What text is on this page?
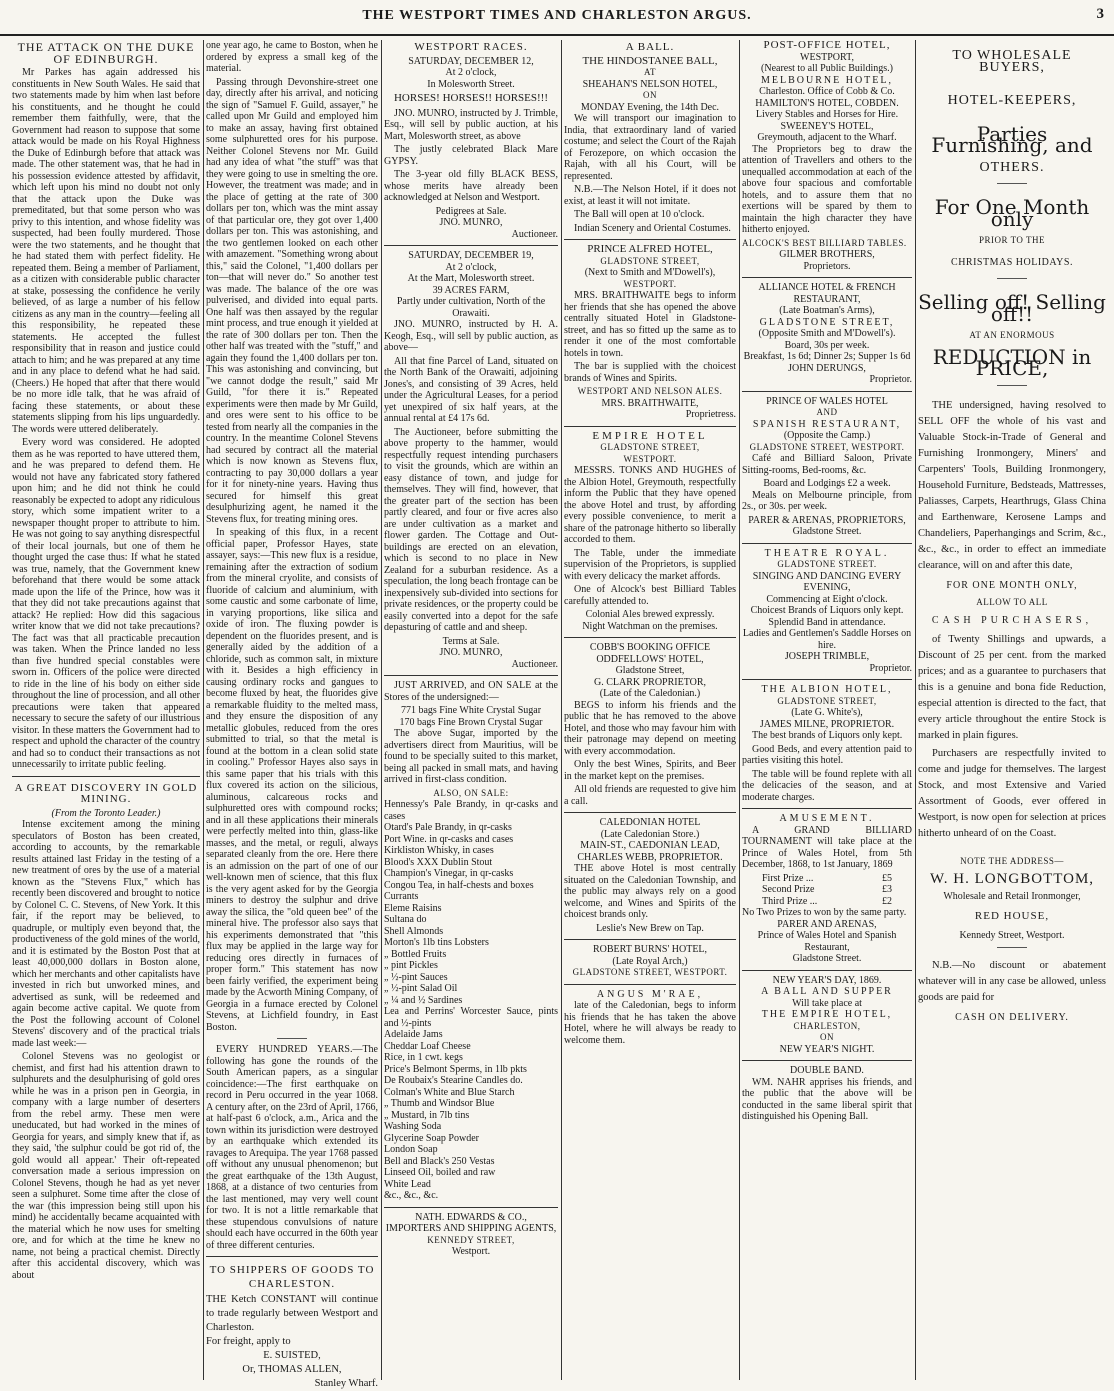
THE WESTPORT TIMES AND CHARLESTON ARGUS.	3
THE ATTACK ON THE DUKE OF EDINBURGH.

Mr Parkes has again addressed his constituents in New South Wales. He said that two statements made by him when last before his constituents, and he thought he could remember them faithfully, were, that the Government had reason to suppose that some attack would be made on his Royal Highness the Duke of Edinburgh before that attack was made. The other statement was, that he had in his possession evidence attested by affidavit, which left upon his mind no doubt not only that the attack upon the Duke was premeditated, but that some person who was privy to this intention, and whose fidelity was suspected, had been foully murdered. Those were the two statements, and he thought that he had stated them with perfect fidelity. He repeated them. Being a member of Parliament, as a citizen with considerable public character at stake, possessing the confidence he verily believed, of as large a number of his fellow citizens as any man in the country—feeling all this responsibility, he repeated these statements. He accepted the fullest responsibility that in reason and justice could attach to him; and he was prepared at any time and in any place to defend what he had said. (Cheers.) He hoped that after that there would be no more idle talk, that he was afraid of facing these statements, or about these statements slipping from his lips unguardedly. The words were uttered deliberately.

Every word was considered. He adopted them as he was reported to have uttered them, and he was prepared to defend them. He would not have any fabricated story fathered upon him; and he did not think he could reasonably be expected to adopt any ridiculous story, which some impatient writer to a newspaper thought proper to attribute to him. He was not going to say anything disrespectful of their local journals, but one of them he thought urged the case thus: If what he stated was true, namely, that the Government knew beforehand that there would be some attack made upon the life of the Prince, how was it that they did not take precautions against that attack? He replied: How did this sagacious writer know that we did not take precautions? The fact was that all practicable precaution was taken. When the Prince landed no less than five hundred special constables were sworn in. Officers of the police were directed to ride in the line of his body on either side throughout the line of procession, and all other precautions were taken that appeared necessary to secure the safety of our illustrious visitor. In these matters the Government had to respect and uphold the character of the country and had so to conduct their transactions as not unnecessarily to irritate public feeling.

A GREAT DISCOVERY IN GOLD MINING.
(From the Toronto Leader.)

Intense excitement among the mining speculators of Boston has been created, according to accounts, by the remarkable results attained last Friday in the testing of a new treatment of ores by the use of a material known as the "Stevens Flux," which has recently been discovered and brought to notice by Colonel C. C. Stevens, of New York. It this fair, if the report may be believed, to quadruple, or multiply even beyond that, the productiveness of the gold mines of the world, and it is estimated by the Boston Post that at least 40,000,000 dollars in Boston alone, which her merchants and other capitalists have invested in rich but unworked mines, and advertised as sunk, will be redeemed and again become active capital. We quote from the Post the following account of Colonel Stevens' discovery and of the practical trials made last week:—

Colonel Stevens was no geologist or chemist, and first had his attention drawn to sulphurets and the desulphurising of gold ores while he was in a prison pen in Georgia, in company with a large number of deserters from the rebel army. These men were uneducated, but had worked in the mines of Georgia for years, and simply knew that if, as they said, 'the sulphur could be got rid of, the gold would all appear.' Their oft-repeated conversation made a serious impression on Colonel Stevens, though he had as yet never seen a sulphuret. Some time after the close of the war (this impression being still upon his mind) he accidentally became acquainted with the material which he now uses for smelting ore, and for which at the time he knew no name, not being a practical chemist. Directly after this accidental discovery, which was about

one year ago, he came to Boston, when he ordered by express a small keg of the material.

Passing through Devonshire-street one day, directly after his arrival, and noticing the sign of "Samuel F. Guild, assayer," he called upon Mr Guild and employed him to make an assay, having first obtained some sulphuretted ores for his purpose. Neither Colonel Stevens nor Mr. Guild had any idea of what "the stuff" was that they were going to use in smelting the ore. However, the treatment was made; and in the place of getting at the rate of 300 dollars per ton, which was the mint assay of that particular ore, they got over 1,400 dollars per ton. This was astonishing, and the two gentlemen looked on each other with amazement. "Something wrong about this," said the Colonel, "1,400 dollars per ton—that will never do." So another test was made. The balance of the ore was pulverised, and divided into equal parts. One half was then assayed by the regular mint process, and true enough it yielded at the rate of 300 dollars per ton. Then the other half was treated with the "stuff," and again they found the 1,400 dollars per ton. This was astonishing and convincing, but "we cannot dodge the result," said Mr Guild, "for there it is." Repeated experiments were then made by Mr Guild, and ores were sent to his office to be tested from nearly all the companies in the country. In the meantime Colonel Stevens had secured by contract all the material which is now known as Stevens flux, contracting to pay 30,000 dollars a year for it for ninety-nine years. Having thus secured for himself this great desulphurizing agent, he named it the Stevens flux, for treating mining ores.

In speaking of this flux, in a recent official paper, Professor Hayes, state assayer, says:—This new flux is a residue, remaining after the extraction of sodium from the mineral cryolite, and consists of fluoride of calcium and aluminium, with some caustic and some carbonate of lime, in varying proportions, like silica and oxide of iron. The fluxing powder is dependent on the fluorides present, and is generally aided by the addition of a chloride, such as common salt, in mixture with it. Besides a high efficiency in causing ordinary rocks and gangues to become fluxed by heat, the fluorides give a remarkable fluidity to the melted mass, and they ensure the disposition of any metallic globules, reduced from the ores submitted to trial, so that the metal is found at the bottom in a clean solid state in cooling." Professor Hayes also says in this same paper that his trials with this flux covered its action on the silicious, aluminous, calcareous rocks and sulphuretted ores with compound rocks; and in all these applications their minerals were perfectly melted into thin, glass-like masses, and the metal, or reguli, always separated cleanly from the ore. Here there is an admission on the part of one of our well-known men of science, that this flux is the very agent asked for by the Georgia miners to destroy the sulphur and drive away the silica, the "old queen bee" of the mineral hive. The professor also says that his experiments demonstrated that "this flux may be applied in the large way for reducing ores directly in furnaces of proper form." This statement has now been fairly verified, the experiment being made by the Acworth Mining Company, of Georgia in a furnace erected by Colonel Stevens, at Lichfield foundry, in East Boston.

EVERY HUNDRED YEARS.—The following has gone the rounds of the South American papers, as a singular coincidence:—The first earthquake on record in Peru occurred in the year 1068. A century after, on the 23rd of April, 1766, at half-past 6 o'clock, a.m., Arica and the town within its jurisdiction were destroyed by an earthquake which extended its ravages to Arequipa. The year 1768 passed off without any unusual phenomenon; but the great earthquake of the 13th August, 1868, at a distance of two centuries from the last mentioned, may very well count for two. It is not a little remarkable that these stupendous convulsions of nature should each have occurred in the 60th year of three different centuries.

TO SHIPPERS OF GOODS TO CHARLESTON.
THE Ketch CONSTANT will continue to trade regularly between Westport and Charleston.
For freight, apply to
E. SUISTED,
Or, THOMAS ALLEN,
Stanley Wharf.
WESTPORT RACES.
SATURDAY, DECEMBER 12,
At 2 o'clock,
In Molesworth Street.
HORSES! HORSES!! HORSES!!!

JNO. MUNRO, instructed by J. Trimble, Esq., will sell by public auction, at his Mart, Molesworth street, as above

The justly celebrated Black Mare GYPSY.

The 3-year old filly BLACK BESS, whose merits have already been acknowledged at Nelson and Westport.

Pedigrees at Sale.
JNO. MUNRO,
Auctioneer.
SATURDAY, DECEMBER 19,
At 2 o'clock,
At the Mart, Molesworth street.
39 ACRES FARM,
Partly under cultivation, North of the Orawaiti.

JNO. MUNRO, instructed by H. A. Keogh, Esq., will sell by public auction, as above—

All that fine Parcel of Land, situated on the North Bank of the Orawaiti, adjoining Jones's, and consisting of 39 Acres, held under the Agricultural Leases, for a period yet unexpired of six half years, at the annual rental at £4 17s 6d.

The Auctioneer, before submitting the above property to the hammer, would respectfully request intending purchasers to visit the grounds, which are within an easy distance of town, and judge for themselves. They will find, however, that the greater part of the section has been partly cleared, and four or five acres also are under cultivation as a market and flower garden. The Cottage and Out-buildings are erected on an elevation, which is second to no place in New Zealand for a suburban residence. As a speculation, the long beach frontage can be inexpensively sub-divided into sections for private residences, or the property could be easily converted into a depot for the safe depasturing of cattle and and sheep.

Terms at Sale.
JNO. MUNRO,
Auctioneer.

JUST ARRIVED, and ON SALE at the Stores of the undersigned:—

771 bags Fine White Crystal Sugar
170 bags Fine Brown Crystal Sugar

The above Sugar, imported by the advertisers direct from Mauritius, will be found to be specially suited to this market, being all packed in small mats, and having arrived in first-class condition.

ALSO, ON SALE:
Hennessy's Pale Brandy, in qr-casks and cases
Otard's Pale Brandy, in qr-casks
Port Wine. in qr-casks and cases
Kirkliston Whisky, in cases
Blood's XXX Dublin Stout
Champion's Vinegar, in qr-casks
Congou Tea, in half-chests and boxes
Currants
Eleme Raisins
Sultana do
Shell Almonds
Morton's 1lb tins Lobsters
„ Bottled Fruits
„ pint Pickles
„ ½-pint Sauces
„ ½-pint Salad Oil
„ ¼ and ½ Sardines
Lea and Perrins' Worcester Sauce, pints and ½-pints
Adelaide Jams
Cheddar Loaf Cheese
Rice, in 1 cwt. kegs
Price's Belmont Sperms, in 1lb pkts
De Roubaix's Stearine Candles do.
Colman's White and Blue Starch
„ Thumb and Windsor Blue
„ Mustard, in 7lb tins
Washing Soda
Glycerine Soap Powder
London Soap
Bell and Black's 250 Vestas
Linseed Oil, boiled and raw
White Lead
&c., &c., &c.
NATH. EDWARDS & CO.,
IMPORTERS AND SHIPPING AGENTS,
KENNEDY STREET,
Westport.
A BALL.
THE HINDOSTANEE BALL,
AT
SHEAHAN'S NELSON HOTEL,
ON
MONDAY Evening, the 14th Dec.

We will transport our imagination to India, that extraordinary land of varied costume; and select the Court of the Rajah of Ferozepore, on which occasion the Rajah, with all his Court, will be represented.

N.B.—The Nelson Hotel, if it does not exist, at least it will not imitate.

The Ball will open at 10 o'clock.

Indian Scenery and Oriental Costumes.

PRINCE ALFRED HOTEL,
GLADSTONE STREET,
(Next to Smith and M'Dowell's),
WESTPORT.

MRS. BRAITHWAITE begs to inform her friends that she has opened the above centrally situated Hotel in Gladstone-street, and has so fitted up the same as to render it one of the most comfortable hotels in town.

The bar is supplied with the choicest brands of Wines and Spirits.

WESTPORT AND NELSON ALES.
MRS. BRAITHWAITE,
Proprietress.
EMPIRE HOTEL
GLADSTONE STREET,
WESTPORT.

MESSRS. TONKS AND HUGHES of the Albion Hotel, Greymouth, respectfully inform the Public that they have opened the above Hotel and trust, by affording every possible convenience, to merit a share of the patronage hitherto so liberally accorded to them.

The Table, under the immediate supervision of the Proprietors, is supplied with every delicacy the market affords.

One of Alcock's best Billiard Tables carefully attended to.

Colonial Ales brewed expressly.
Night Watchman on the premises.
COBB'S BOOKING OFFICE
ODDFELLOWS' HOTEL,
Gladstone Street,
G. CLARK PROPRIETOR,
(Late of the Caledonian.)

BEGS to inform his friends and the public that he has removed to the above Hotel, and those who may favour him with their patronage may depend on meeting with every accommodation.

Only the best Wines, Spirits, and Beer in the market kept on the premises.

All old friends are requested to give him a call.

CALEDONIAN HOTEL
(Late Caledonian Store.)
MAIN-ST., CAEDONIAN LEAD,
CHARLES WEBB, PROPRIETOR.

THE above Hotel is most centrally situated on the Caledonian Township, and the public may always rely on a good welcome, and Wines and Spirits of the choicest brands only.

Leslie's New Brew on Tap.
ROBERT BURNS' HOTEL,
(Late Royal Arch,)
GLADSTONE STREET, WESTPORT.
ANGUS M'RAE,

late of the Caledonian, begs to inform his friends that he has taken the above Hotel, where he will always be ready to welcome them.

POST-OFFICE HOTEL,
WESTPORT,
(Nearest to all Public Buildings.)
MELBOURNE HOTEL,
Charleston. Office of Cobb & Co.
HAMILTON'S HOTEL, COBDEN.
Livery Stables and Horses for Hire.
SWEENEY'S HOTEL,
Greymouth, adjacent to the Wharf.

The Proprietors beg to draw the attention of Travellers and others to the unequalled accommodation at each of the above four spacious and comfortable hotels, and to assure them that no exertions will be spared by them to maintain the high character they have hitherto enjoyed.

ALCOCK'S BEST BILLIARD TABLES.
GILMER BROTHERS,
Proprietors.
ALLIANCE HOTEL & FRENCH RESTAURANT,
(Late Boatman's Arms),
GLADSTONE STREET,
(Opposite Smith and M'Dowell's).
Board, 30s per week.
Breakfast, 1s 6d; Dinner 2s; Supper 1s 6d
JOHN DERUNGS,
Proprietor.
PRINCE OF WALES HOTEL
AND
SPANISH RESTAURANT,
(Opposite the Camp.)
GLADSTONE STREET, WESTPORT.

Café and Billiard Saloon, Private Sitting-rooms, Bed-rooms, &c.

Board and Lodgings £2 a week.

Meals on Melbourne principle, from 2s., or 30s. per week.

PARER & ARENAS, PROPRIETORS,
Gladstone Street.
THEATRE ROYAL.
GLADSTONE STREET.
SINGING AND DANCING EVERY EVENING,
Commencing at Eight o'clock.
Choicest Brands of Liquors only kept. Splendid Band in attendance.
Ladies and Gentlemen's Saddle Horses on hire.
JOSEPH TRIMBLE,
Proprietor.
THE ALBION HOTEL,
GLADSTONE STREET,
(Late G. White's),
JAMES MILNE, PROPRIETOR.

The best brands of Liquors only kept.

Good Beds, and every attention paid to parties visiting this hotel.

The table will be found replete with all the delicacies of the season, and at moderate charges.

AMUSEMENT.

A GRAND BILLIARD TOURNAMENT will take place at the Prince of Wales Hotel, from 5th December, 1868, to 1st January, 1869

First Prize ...	£5
Second Prize	£3
Third Prize ...	£2
No Two Prizes to won by the same party.
PARER AND ARENAS,
Prince of Wales Hotel and Spanish Restaurant,
Gladstone Street.
NEW YEAR'S DAY, 1869.
A BALL AND SUPPER
Will take place at
THE EMPIRE HOTEL,
CHARLESTON,
ON
NEW YEAR'S NIGHT.
DOUBLE BAND.

WM. NAHR apprises his friends, and the public that the above will be conducted in the same liberal spirit that distinguished his Opening Ball.

TO WHOLESALE BUYERS,
HOTEL-KEEPERS,
Parties Furnishing, and
OTHERS.
For One Month only
PRIOR TO THE
CHRISTMAS HOLIDAYS.
Selling off! Selling off!!
AT AN ENORMOUS
REDUCTION in PRICE,

THE undersigned, having resolved to SELL OFF the whole of his vast and Valuable Stock-in-Trade of General and Furnishing Ironmongery, Miners' and Carpenters' Tools, Building Ironmongery, Household Furniture, Bedsteads, Mattresses, Paliasses, Carpets, Hearthrugs, Glass China and Earthenware, Kerosene Lamps and Chandeliers, Paperhangings and Scrim, &c., &c., &c., in order to effect an immediate clearance, will on and after this date,

FOR ONE MONTH ONLY,
ALLOW TO ALL
CASH PURCHASERS,

of Twenty Shillings and upwards, a Discount of 25 per cent. from the marked prices; and as a guarantee to purchasers that this is a genuine and bona fide Reduction, especial attention is directed to the fact, that every article throughout the entire Stock is marked in plain figures.

Purchasers are respectfully invited to come and judge for themselves. The largest Stock, and most Extensive and Varied Assortment of Goods, ever offered in Westport, is now open for selection at prices hitherto unheard of on the Coast.

NOTE THE ADDRESS—
W. H. LONGBOTTOM,
Wholesale and Retail Ironmonger,
RED HOUSE,
Kennedy Street, Westport.

N.B.—No discount or abatement whatever will in any case be allowed, unless goods are paid for

CASH ON DELIVERY.
